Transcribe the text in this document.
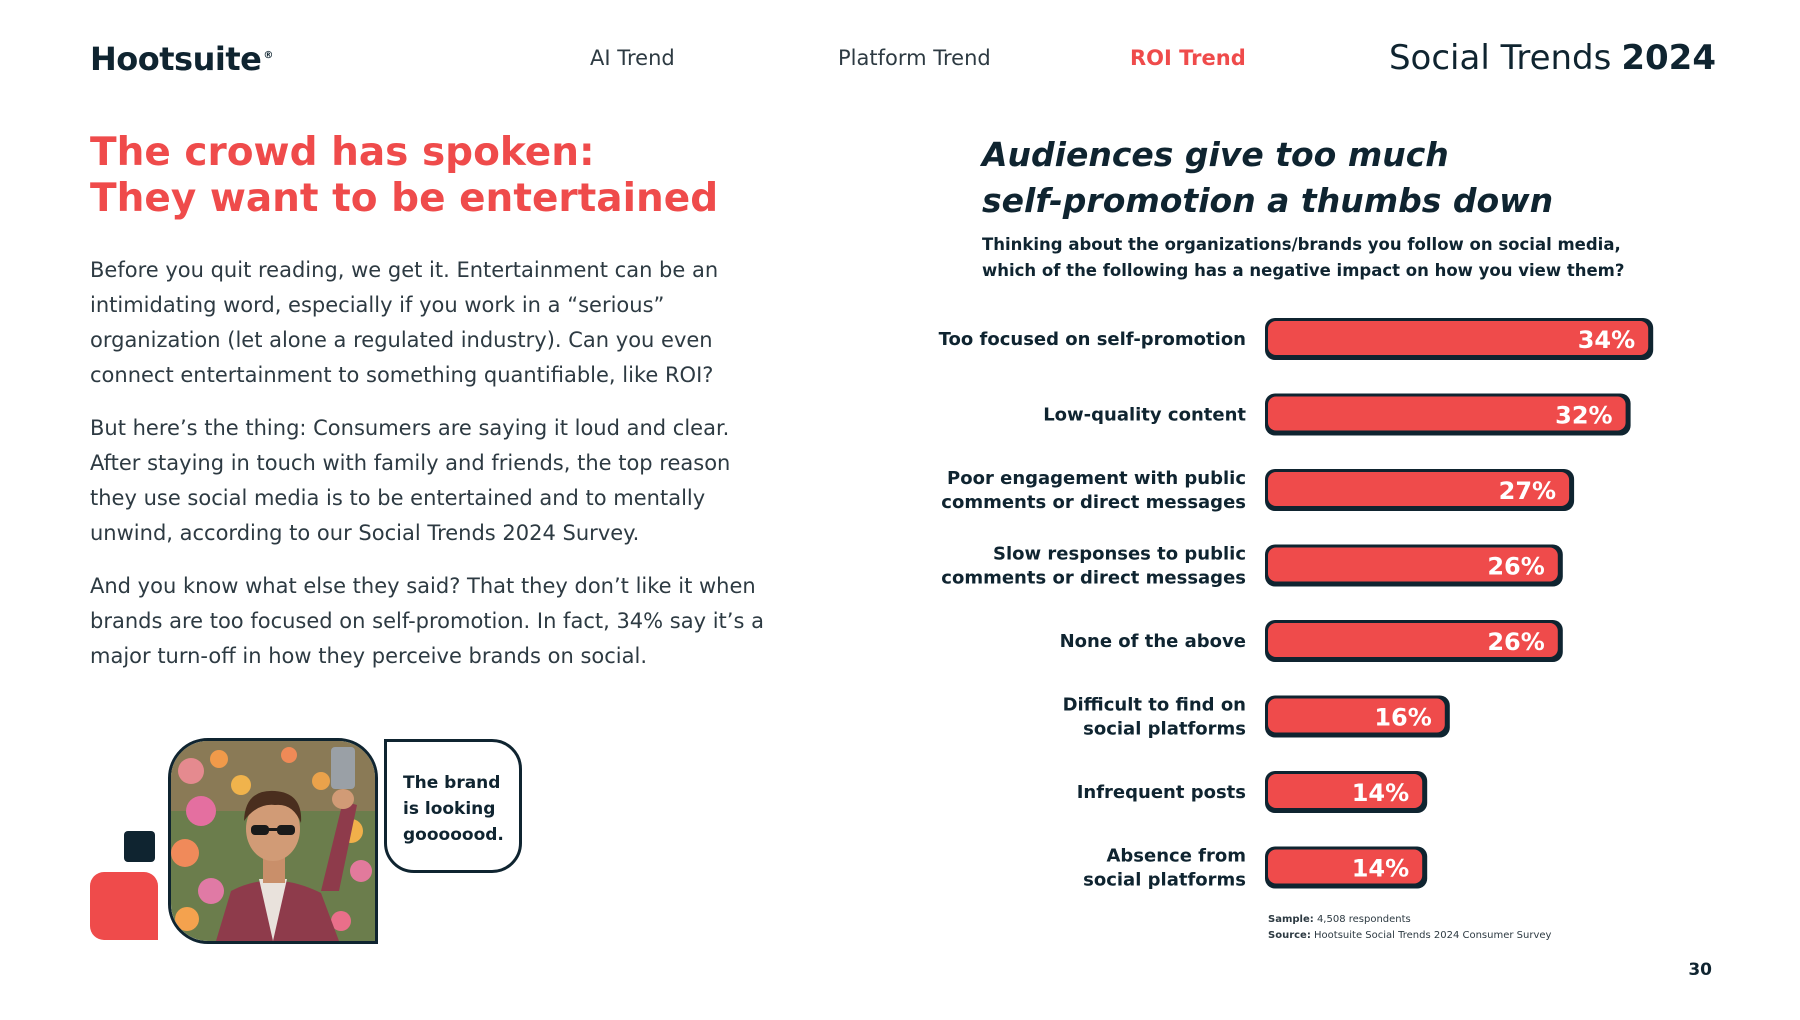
Hootsuite ®	AI Trend	Platform Trend	ROI Trend	Social Trends 2024
The crowd has spoken:
They want to be entertained
Before you quit reading, we get it. Entertainment can be an intimidating word, especially if you work in a “serious” organization (let alone a regulated industry). Can you even connect entertainment to something quantifiable, like ROI?
But here’s the thing: Consumers are saying it loud and clear. After staying in touch with family and friends, the top reason they use social media is to be entertained and to mentally unwind, according to our Social Trends 2024 Survey.
And you know what else they said? That they don’t like it when brands are too focused on self-promotion. In fact, 34% say it’s a major turn-off in how they perceive brands on social.
The brand
is looking
gooooood.
Audiences give too much
self-promotion a thumbs down
Thinking about the organizations/brands you follow on social media,
which of the following has a negative impact on how you view them?
34%
Too focused on self-promotion
32%
Low-quality content
27%
Poor engagement with public
comments or direct messages
26%
Slow responses to public
comments or direct messages
26%
None of the above
16%
Difficult to find on
social platforms
14%
Infrequent posts
14%
Absence from
social platforms
Sample: 4,508 respondents
Source: Hootsuite Social Trends 2024 Consumer Survey
30
